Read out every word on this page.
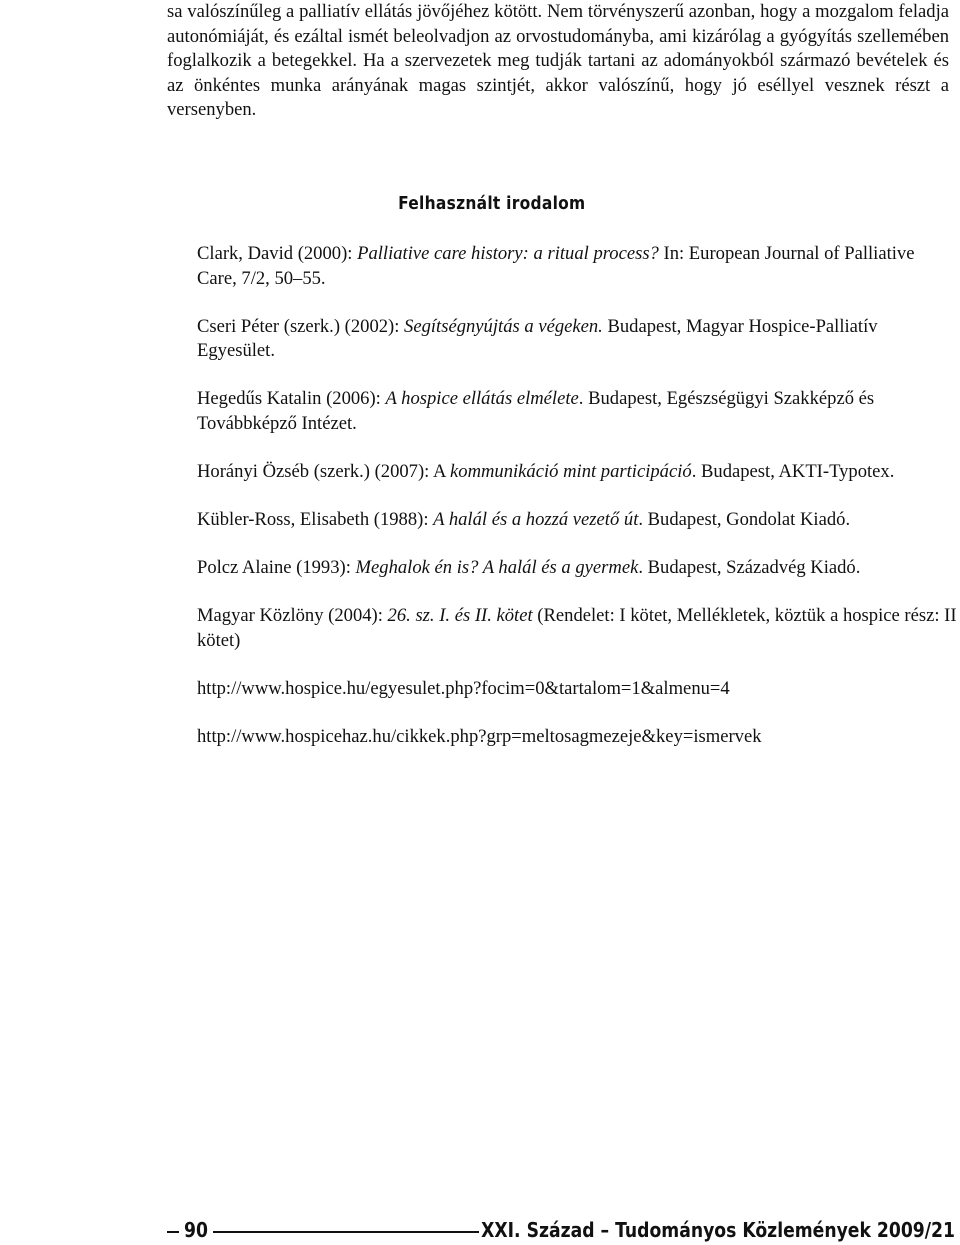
sa valószínűleg a palliatív ellátás jövőjéhez kötött. Nem törvényszerű azonban, hogy a mozgalom feladja autonómiáját, és ezáltal ismét beleolvadjon az orvostudományba, ami kizárólag a gyógyítás szellemében foglalkozik a betegekkel. Ha a szervezetek meg tudják tartani az adományokból származó bevételek és az önkéntes munka arányának magas szintjét, akkor valószínű, hogy jó eséllyel vesznek részt a versenyben.

Felhasznált irodalom
Clark, David (2000): Palliative care history: a ritual process? In: European Journal of Palliative Care, 7/2, 50–55.
Cseri Péter (szerk.) (2002): Segítségnyújtás a végeken. Budapest, Magyar Hospice-Palliatív Egyesület.
Hegedűs Katalin (2006): A hospice ellátás elmélete. Budapest, Egészségügyi Szakképző és Továbbképző Intézet.
Horányi Özséb (szerk.) (2007): A kommunikáció mint participáció. Budapest, AKTI-Typotex.
Kübler-Ross, Elisabeth (1988): A halál és a hozzá vezető út. Budapest, Gondolat Kiadó.
Polcz Alaine (1993): Meghalok én is? A halál és a gyermek. Budapest, Századvég Kiadó.
Magyar Közlöny (2004): 26. sz. I. és II. kötet (Rendelet: I kötet, Mellékletek, köztük a hospice rész: II kötet)
http://www.hospice.hu/egyesulet.php?focim=0&tartalom=1&almenu=4
http://www.hospicehaz.hu/cikkek.php?grp=meltosagmezeje&key=ismervek
90	XXI. Század – Tudományos Közlemények 2009/21
